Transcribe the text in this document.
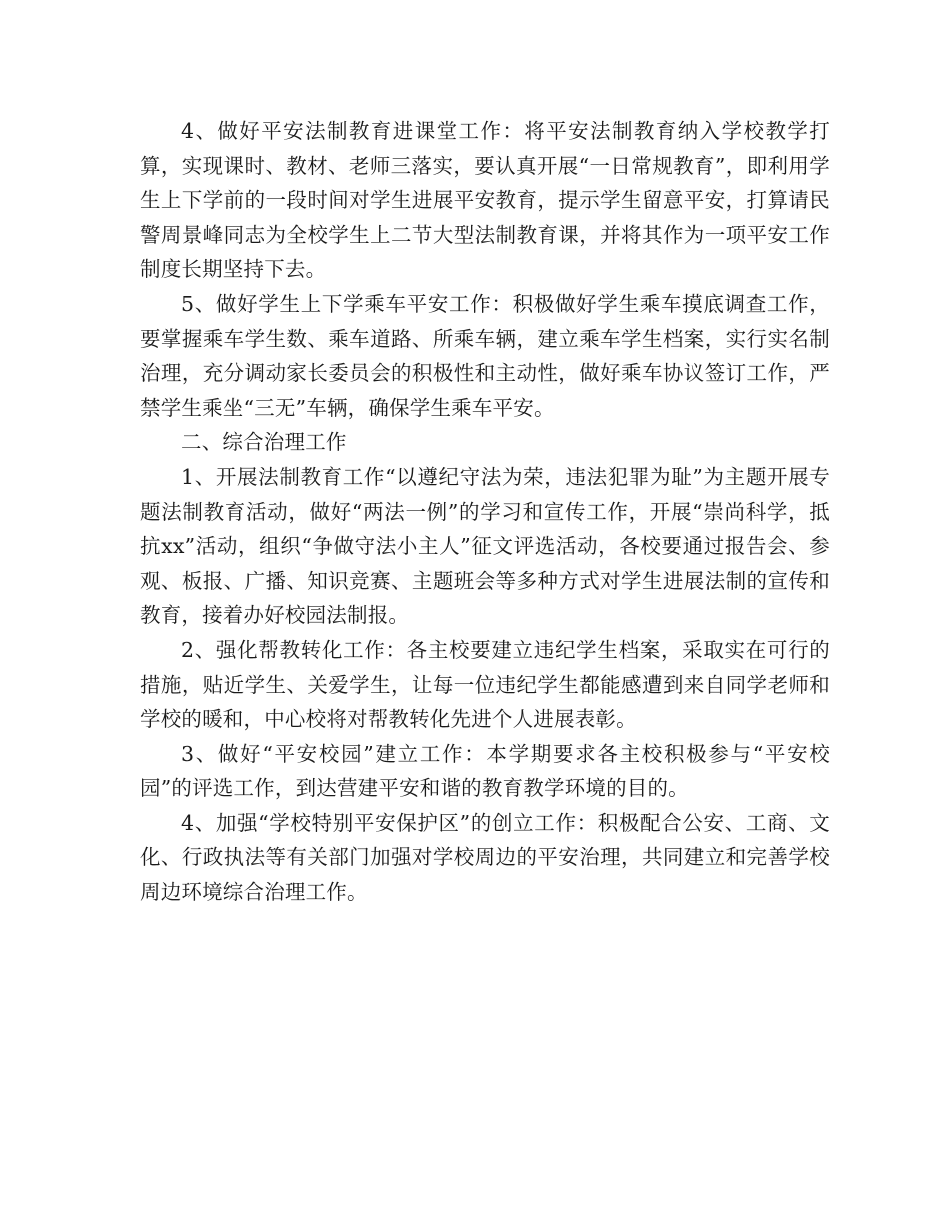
4、做好平安法制教育进课堂工作：将平安法制教育纳入学校教学打算，实现课时、教材、老师三落实，要认真开展“一日常规教育”，即利用学生上下学前的一段时间对学生进展平安教育，提示学生留意平安，打算请民警周景峰同志为全校学生上二节大型法制教育课，并将其作为一项平安工作制度长期坚持下去。

5、做好学生上下学乘车平安工作：积极做好学生乘车摸底调查工作，要掌握乘车学生数、乘车道路、所乘车辆，建立乘车学生档案，实行实名制治理，充分调动家长委员会的积极性和主动性，做好乘车协议签订工作，严禁学生乘坐“三无”车辆，确保学生乘车平安。

二、综合治理工作

1、开展法制教育工作“以遵纪守法为荣，违法犯罪为耻”为主题开展专题法制教育活动，做好“两法一例”的学习和宣传工作，开展“崇尚科学，抵抗xx”活动，组织“争做守法小主人”征文评选活动，各校要通过报告会、参观、板报、广播、知识竞赛、主题班会等多种方式对学生进展法制的宣传和教育，接着办好校园法制报。

2、强化帮教转化工作：各主校要建立违纪学生档案，采取实在可行的措施，贴近学生、关爱学生，让每一位违纪学生都能感遭到来自同学老师和学校的暖和，中心校将对帮教转化先进个人进展表彰。

3、做好“平安校园”建立工作：本学期要求各主校积极参与“平安校园”的评选工作，到达营建平安和谐的教育教学环境的目的。

4、加强“学校特别平安保护区”的创立工作：积极配合公安、工商、文化、行政执法等有关部门加强对学校周边的平安治理，共同建立和完善学校周边环境综合治理工作。
